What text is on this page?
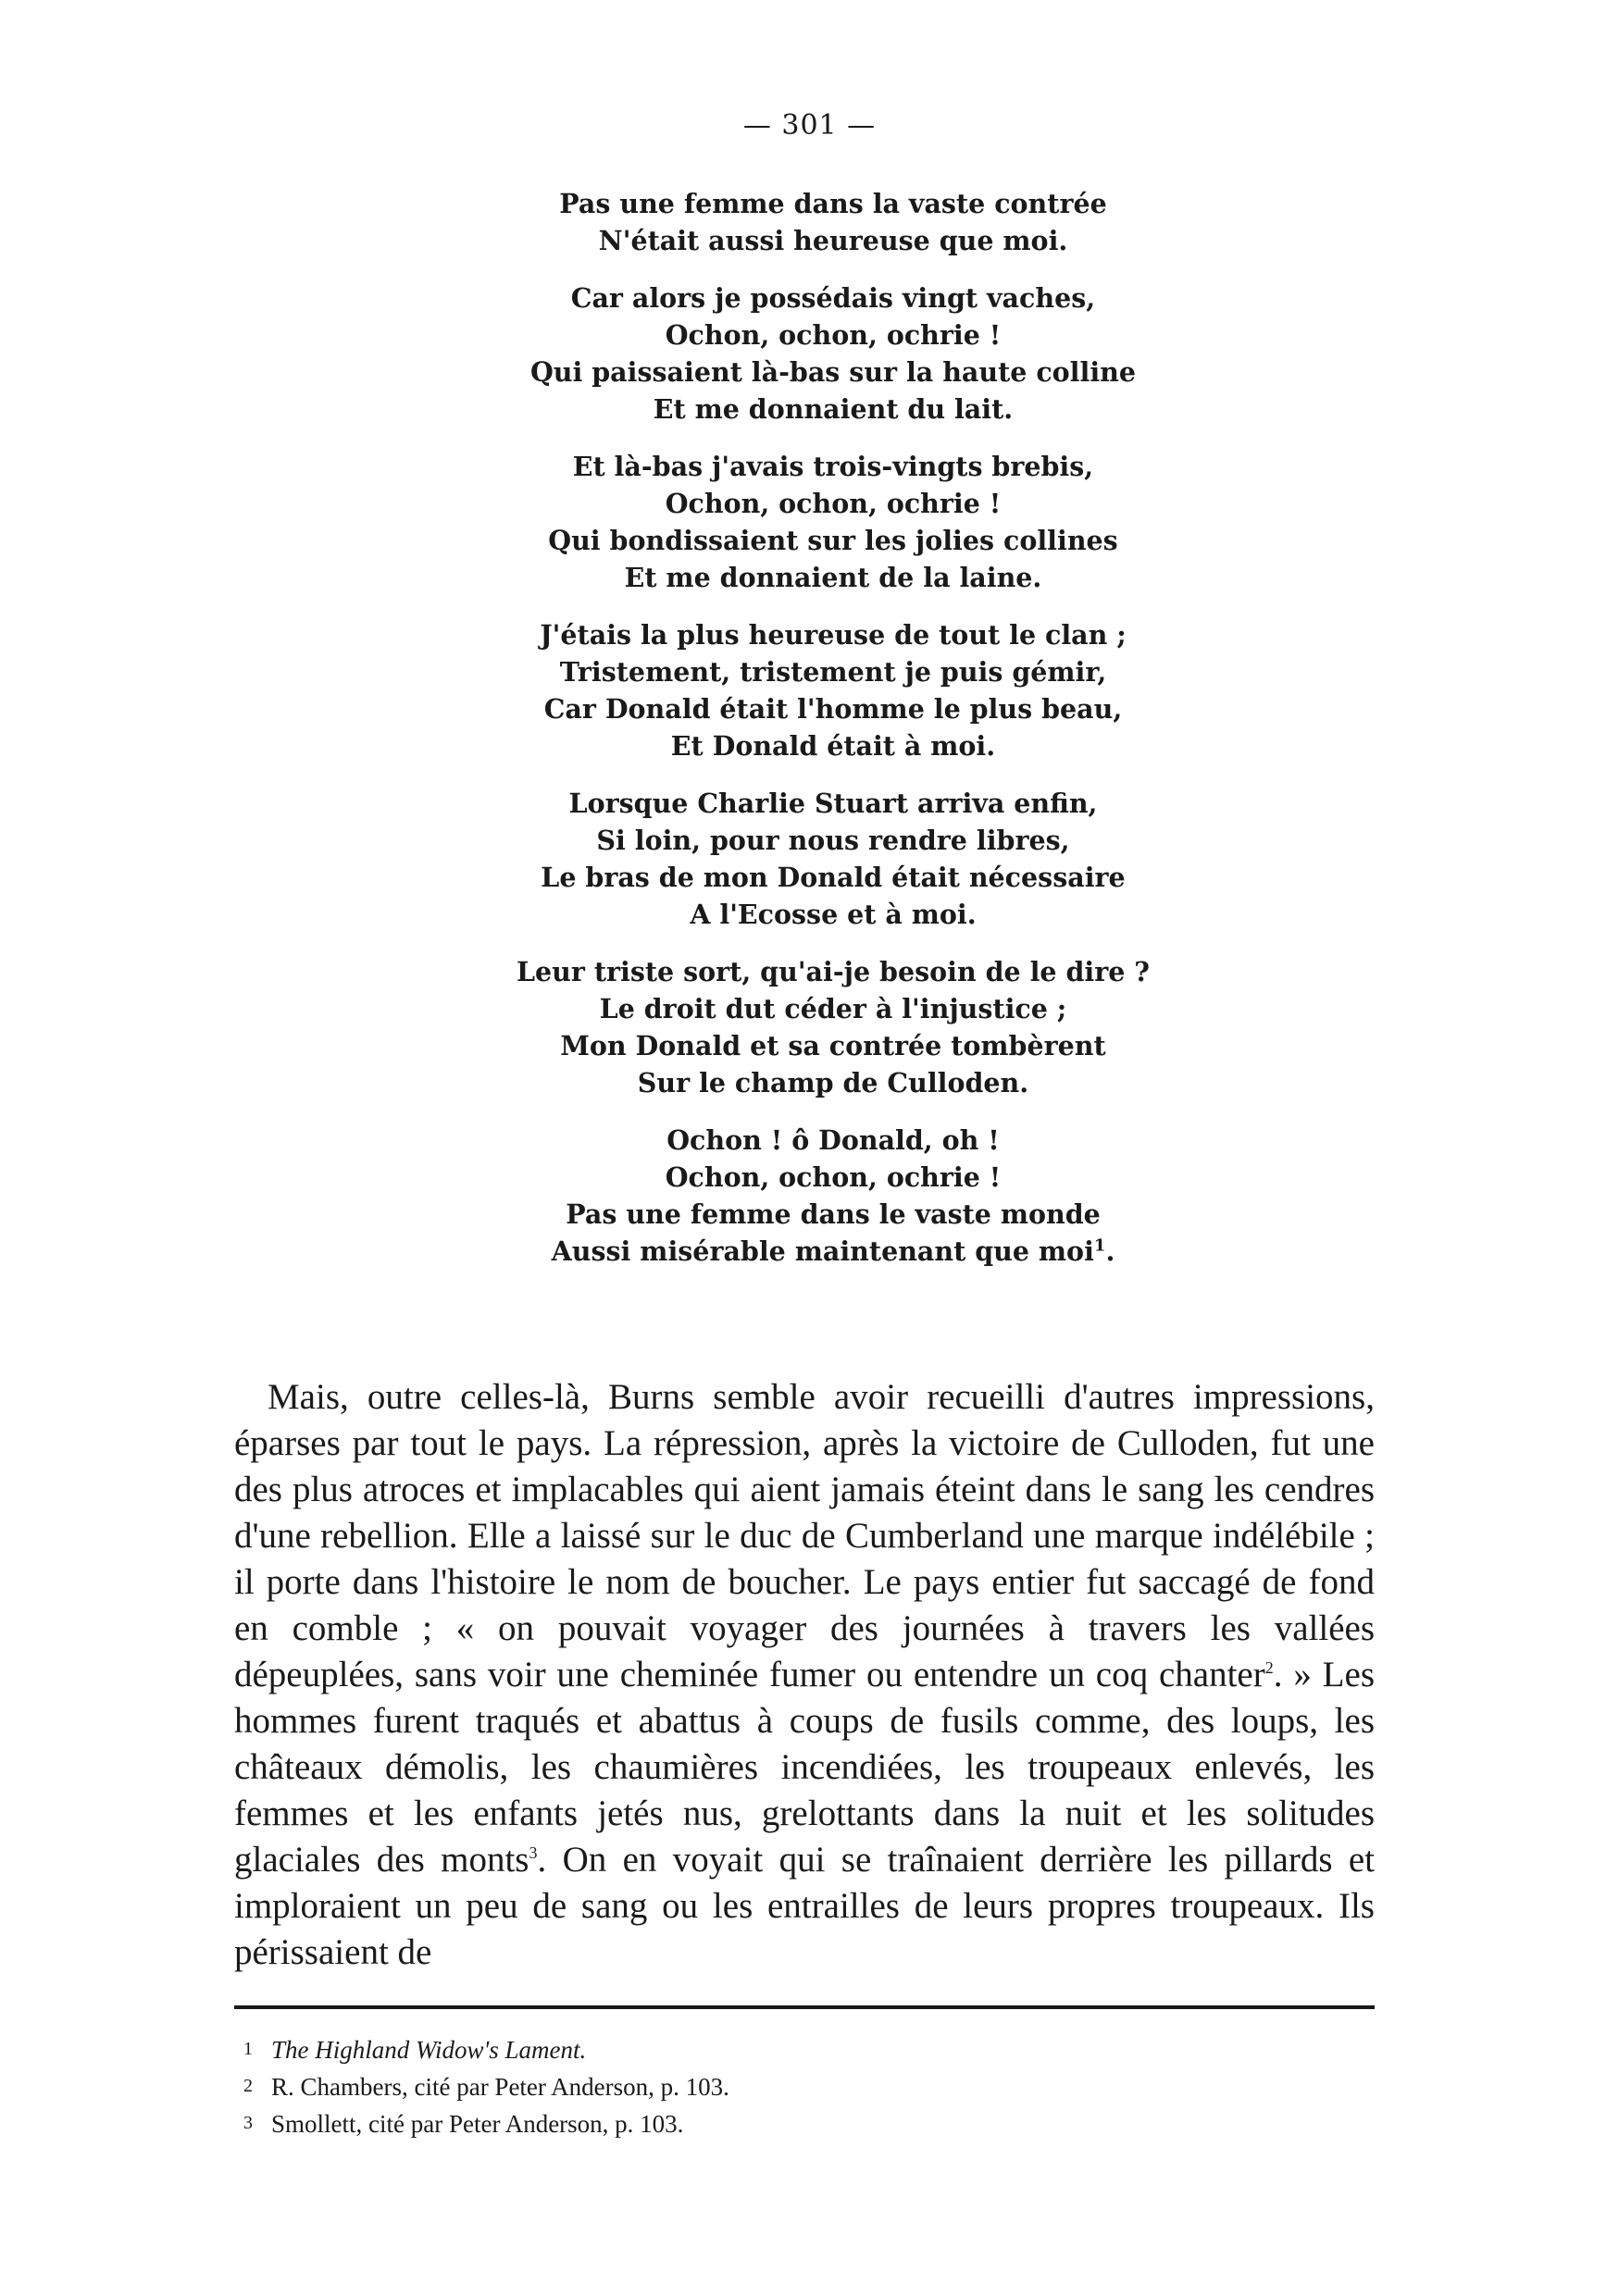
— 301 —
Pas une femme dans la vaste contrée
N'était aussi heureuse que moi.
Car alors je possédais vingt vaches,
Ochon, ochon, ochrie !
Qui paissaient là-bas sur la haute colline
Et me donnaient du lait.
Et là-bas j'avais trois-vingts brebis,
Ochon, ochon, ochrie !
Qui bondissaient sur les jolies collines
Et me donnaient de la laine.
J'étais la plus heureuse de tout le clan ;
Tristement, tristement je puis gémir,
Car Donald était l'homme le plus beau,
Et Donald était à moi.
Lorsque Charlie Stuart arriva enfin,
Si loin, pour nous rendre libres,
Le bras de mon Donald était nécessaire
A l'Ecosse et à moi.
Leur triste sort, qu'ai-je besoin de le dire ?
Le droit dut céder à l'injustice ;
Mon Donald et sa contrée tombèrent
Sur le champ de Culloden.
Ochon ! ô Donald, oh !
Ochon, ochon, ochrie !
Pas une femme dans le vaste monde
Aussi misérable maintenant que moi$^1$.

Mais, outre celles-là, Burns semble avoir recueilli d'autres impressions, éparses par tout le pays. La répression, après la victoire de Culloden, fut une des plus atroces et implacables qui aient jamais éteint dans le sang les cendres d'une rebellion. Elle a laissé sur le duc de Cumberland une marque indélébile ; il porte dans l'histoire le nom de boucher. Le pays entier fut saccagé de fond en comble ; « on pouvait voyager des journées à travers les vallées dépeuplées, sans voir une cheminée fumer ou entendre un coq chanter$^2$. » Les hommes furent traqués et abattus à coups de fusils comme, des loups, les châteaux démolis, les chaumières incendiées, les troupeaux enlevés, les femmes et les enfants jetés nus, grelottants dans la nuit et les solitudes glaciales des monts$^3$. On en voyait qui se traînaient derrière les pillards et imploraient un peu de sang ou les entrailles de leurs propres troupeaux. Ils périssaient de

1 The Highland Widow's Lament.
2 R. Chambers, cité par Peter Anderson, p. 103.
3 Smollett, cité par Peter Anderson, p. 103.
